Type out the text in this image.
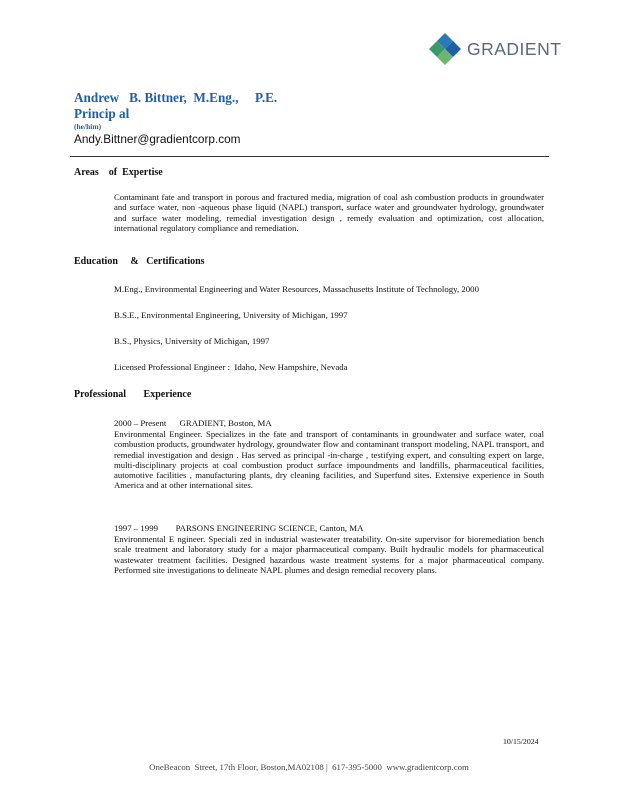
GRADIENT
Andrew   B. Bittner,  M.Eng.,     P.E.
Princip al
(he/him)
Andy.Bittner@gradientcorp.com
Areas    of  Expertise
Contaminant fate and transport in porous and fractured media, migration of coal ash combustion products in groundwater and surface water, non -aqueous phase liquid (NAPL) transport, surface water and groundwater hydrology, groundwater and surface water modeling, remedial investigation design , remedy evaluation and optimization, cost allocation, international regulatory compliance and remediation.
Education     &   Certifications
M.Eng., Environmental Engineering and Water Resources, Massachusetts Institute of Technology, 2000
B.S.E., Environmental Engineering, University of Michigan, 1997
B.S., Physics, University of Michigan, 1997
Licensed Professional Engineer :  Idaho, New Hampshire, Nevada
Professional       Experience
2000 – Present      GRADIENT, Boston, MA
Environmental Engineer. Specializes in the fate and transport of contaminants in groundwater and surface water, coal combustion products, groundwater hydrology, groundwater flow and contaminant transport modeling, NAPL transport, and remedial investigation and design . Has served as principal -in-charge , testifying expert, and consulting expert on large, multi-disciplinary projects at coal combustion product surface impoundments and landfills, pharmaceutical facilities, automotive facilities , manufacturing plants, dry cleaning facilities, and Superfund sites. Extensive experience in South America and at other international sites.
1997 – 1999        PARSONS ENGINEERING SCIENCE, Canton, MA
Environmental E ngineer. Speciali zed in industrial wastewater treatability. On-site supervisor for bioremediation bench scale treatment and laboratory study for a major pharmaceutical company. Built hydraulic models for pharmaceutical wastewater treatment facilities. Designed hazardous waste treatment systems for a major pharmaceutical company. Performed site investigations to delineate NAPL plumes and design remedial recovery plans.
10/15/2024
OneBeacon  Street, 17th Floor, Boston,MA02108 |  617-395-5000  www.gradientcorp.com
